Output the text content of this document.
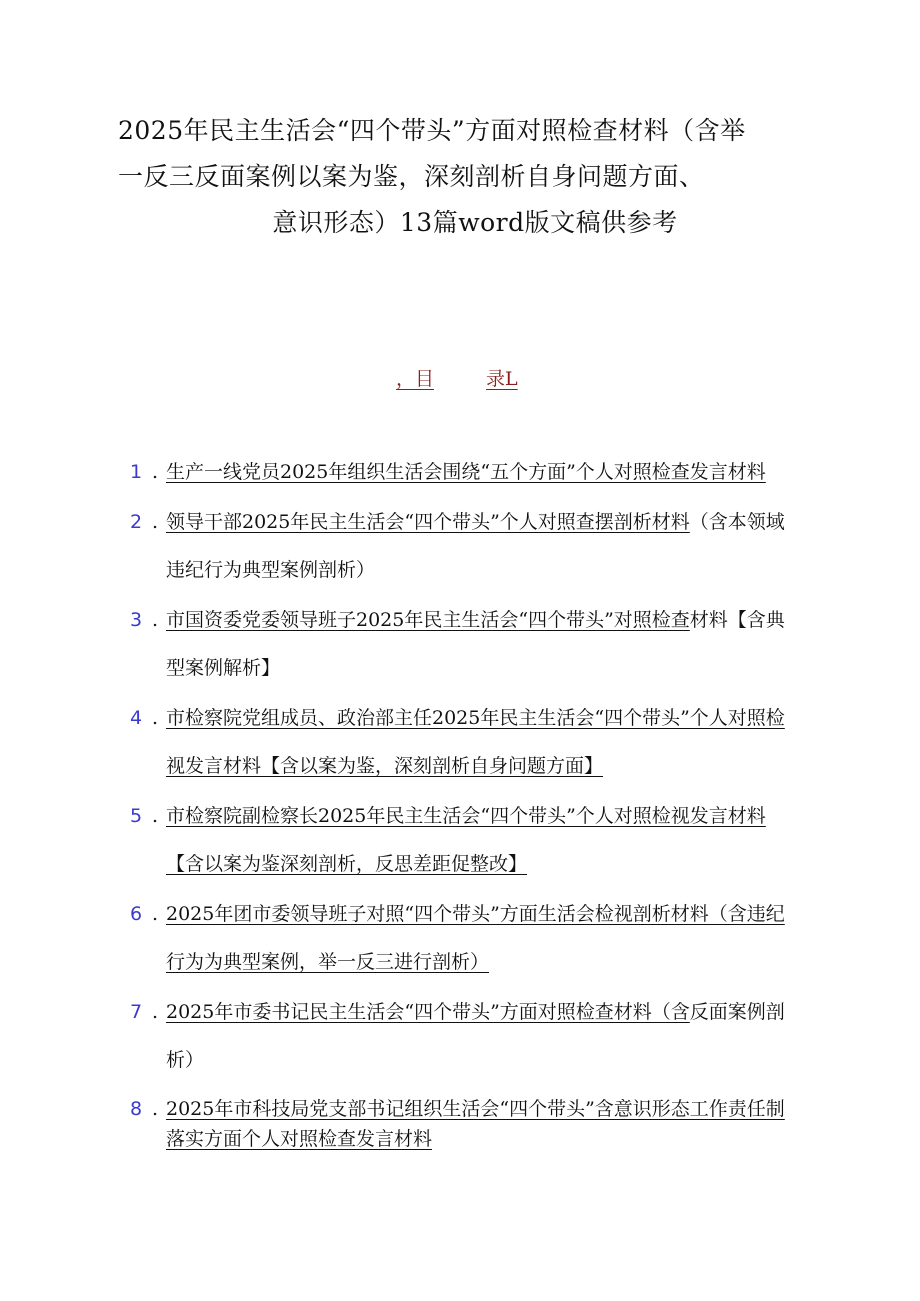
2025年民主生活会“四个带头”方面对照检查材料（含举
一反三反面案例以案为鉴，深刻剖析自身问题方面、
意识形态）13篇word版文稿供参考
，目	录L
1 . 生产一线党员2025年组织生活会围绕“五个方面”个人对照检查发言材料
2 . 领导干部2025年民主生活会“四个带头”个人对照查摆剖析材料（含本领域违纪行为典型案例剖析）
3 . 市国资委党委领导班子2025年民主生活会“四个带头”对照检查材料【含典型案例解析】
4 . 市检察院党组成员、政治部主任2025年民主生活会“四个带头”个人对照检视发言材料【含以案为鉴，深刻剖析自身问题方面】
5 . 市检察院副检察长2025年民主生活会“四个带头”个人对照检视发言材料【含以案为鉴深刻剖析，反思差距促整改】
6 . 2025年团市委领导班子对照“四个带头”方面生活会检视剖析材料（含违纪行为为典型案例，举一反三进行剖析）
7 . 2025年市委书记民主生活会“四个带头”方面对照检查材料（含反面案例剖析）
8 . 2025年市科技局党支部书记组织生活会“四个带头”含意识形态工作责任制落实方面个人对照检查发言材料
